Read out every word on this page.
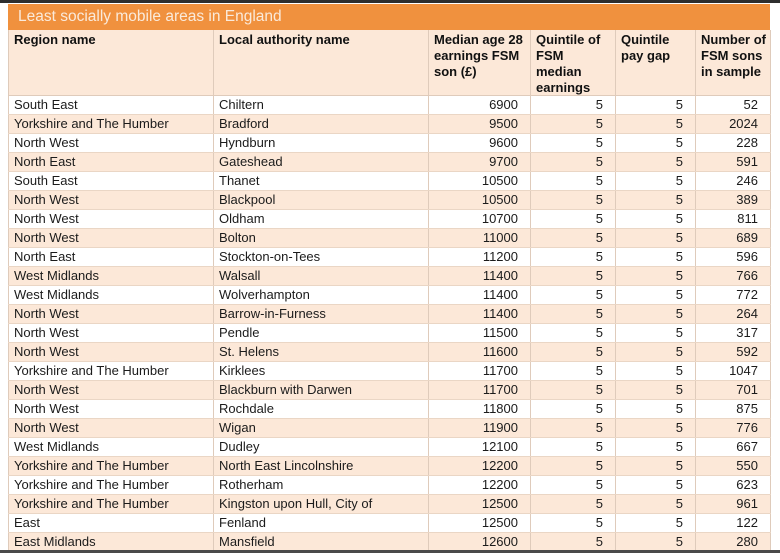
Least socially mobile areas in England
Region name	Local authority name	Median age 28 earnings FSM son (£)	Quintile of FSM median earnings	Quintile pay gap	Number of FSM sons in sample
South East	Chiltern	6900	5	5	52
Yorkshire and The Humber	Bradford	9500	5	5	2024
North West	Hyndburn	9600	5	5	228
North East	Gateshead	9700	5	5	591
South East	Thanet	10500	5	5	246
North West	Blackpool	10500	5	5	389
North West	Oldham	10700	5	5	811
North West	Bolton	11000	5	5	689
North East	Stockton-on-Tees	11200	5	5	596
West Midlands	Walsall	11400	5	5	766
West Midlands	Wolverhampton	11400	5	5	772
North West	Barrow-in-Furness	11400	5	5	264
North West	Pendle	11500	5	5	317
North West	St. Helens	11600	5	5	592
Yorkshire and The Humber	Kirklees	11700	5	5	1047
North West	Blackburn with Darwen	11700	5	5	701
North West	Rochdale	11800	5	5	875
North West	Wigan	11900	5	5	776
West Midlands	Dudley	12100	5	5	667
Yorkshire and The Humber	North East Lincolnshire	12200	5	5	550
Yorkshire and The Humber	Rotherham	12200	5	5	623
Yorkshire and The Humber	Kingston upon Hull, City of	12500	5	5	961
East	Fenland	12500	5	5	122
East Midlands	Mansfield	12600	5	5	280
